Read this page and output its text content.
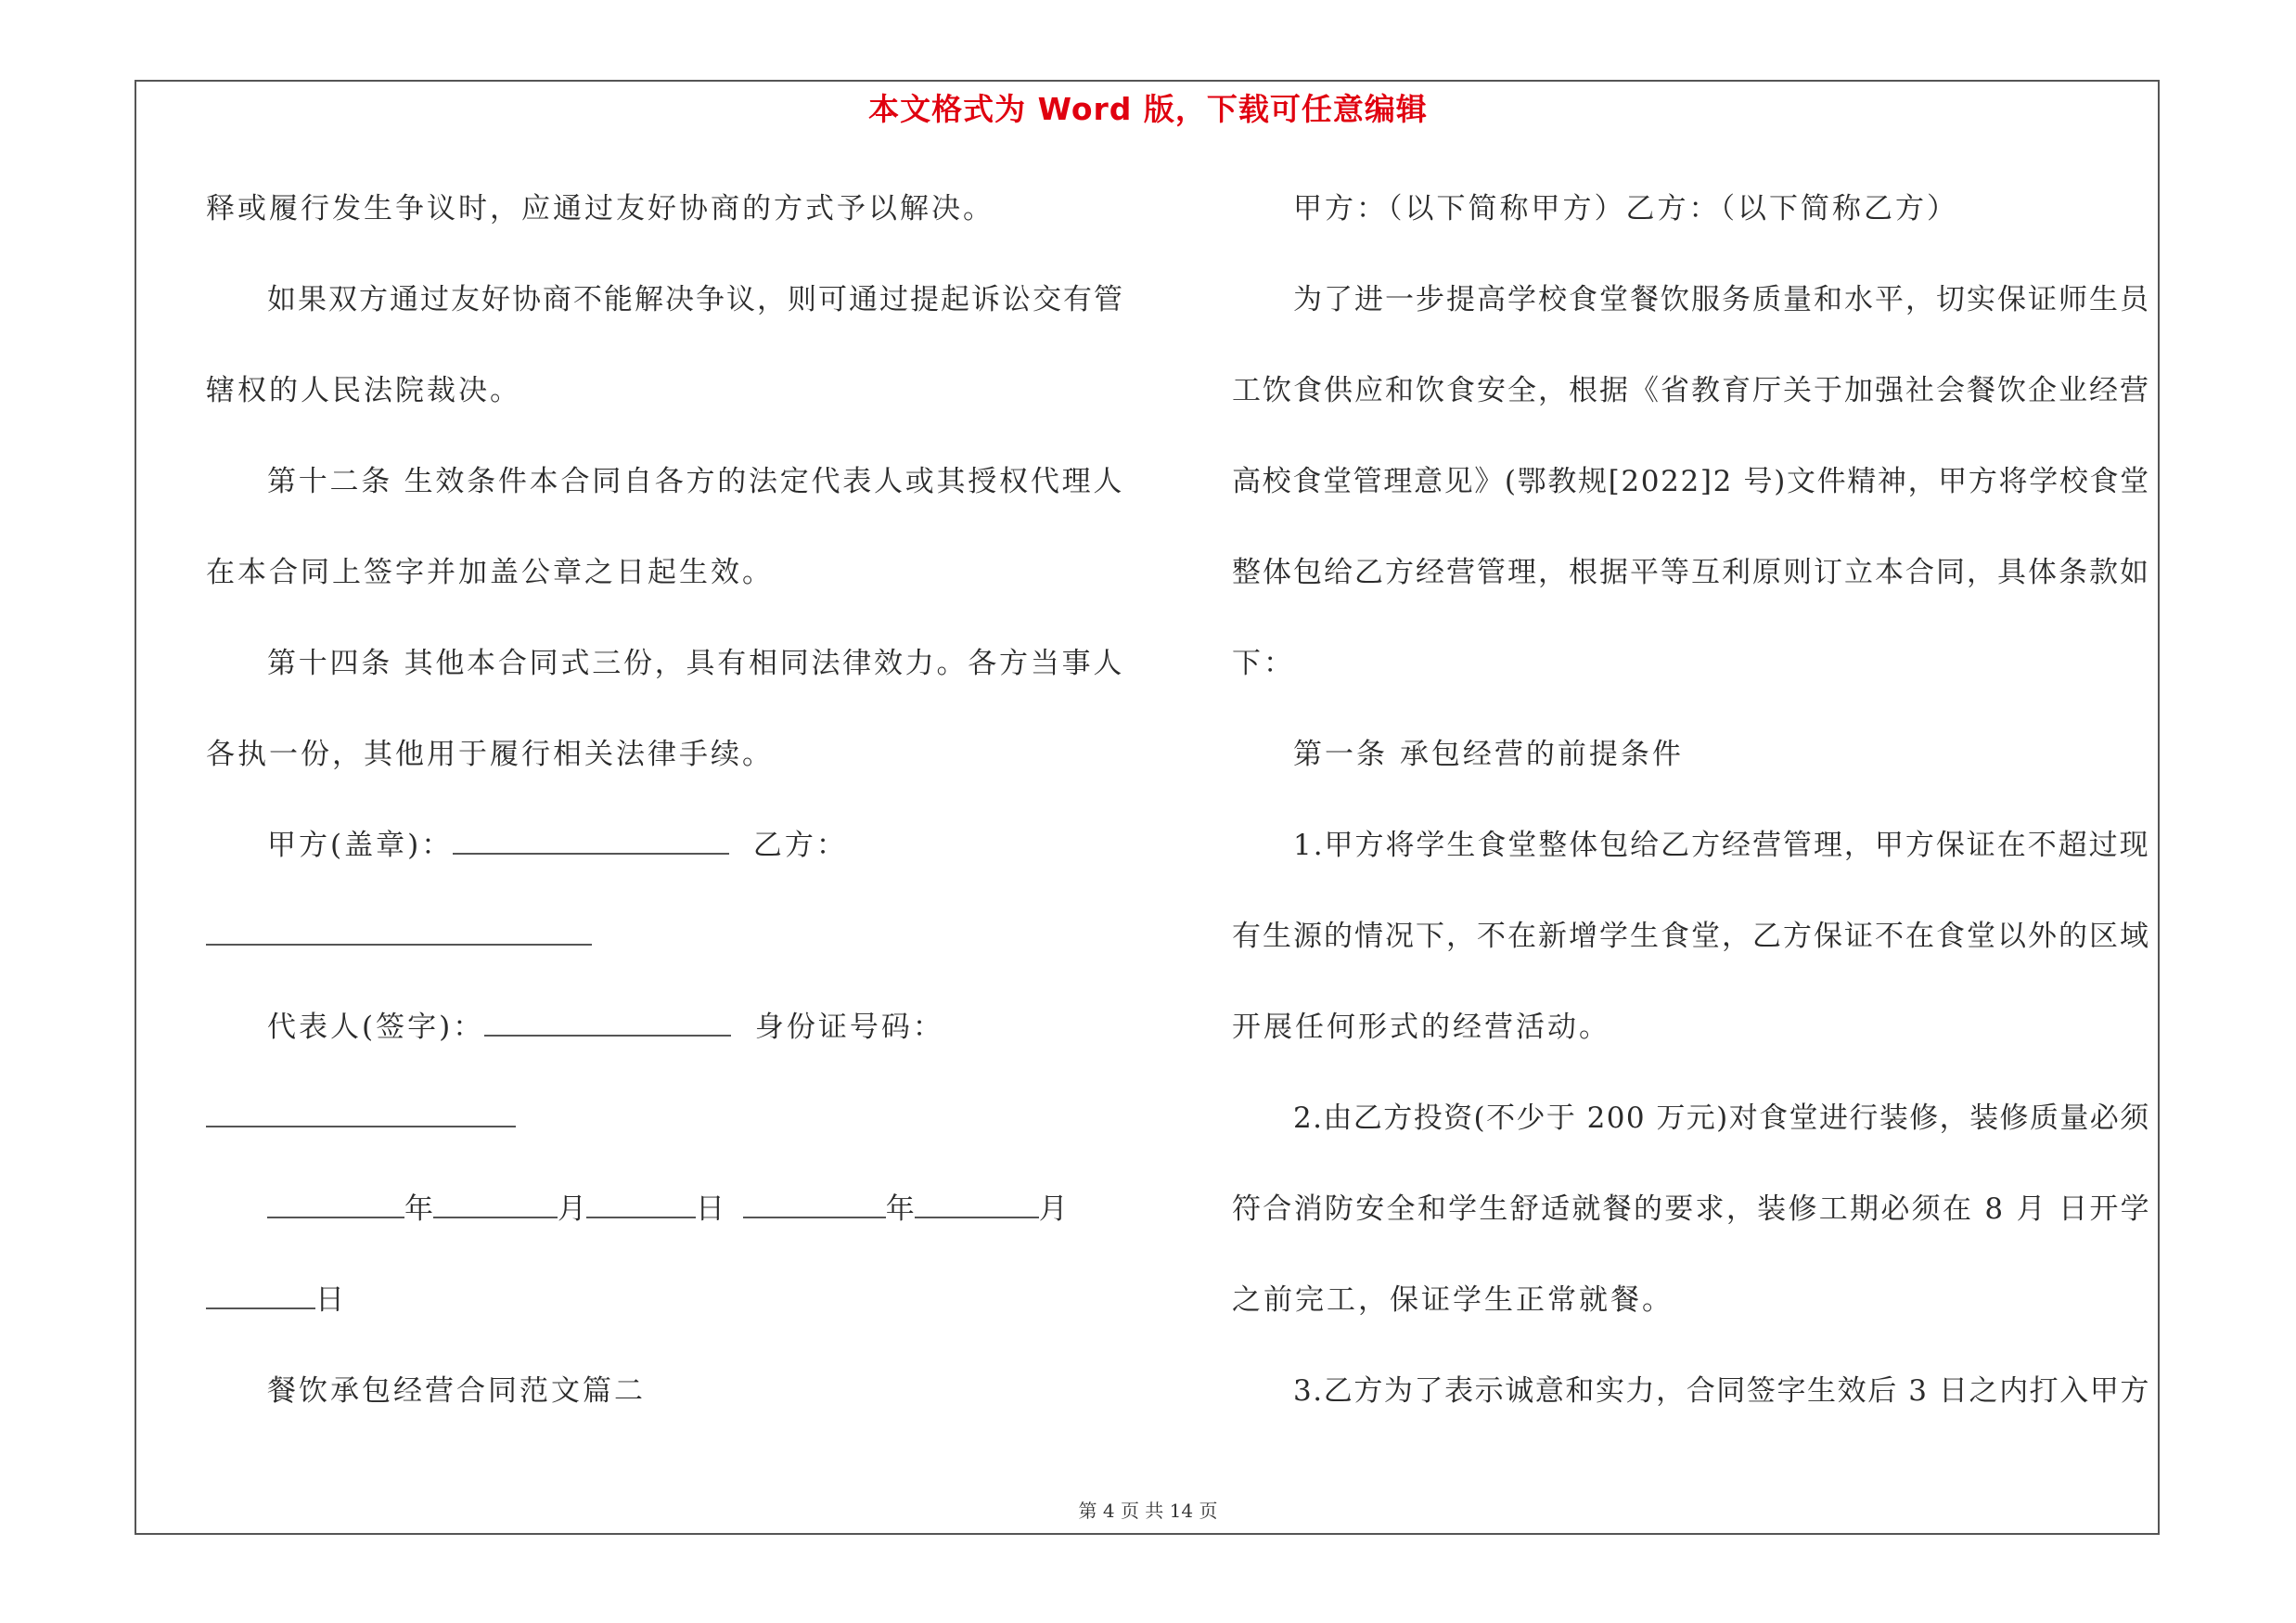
本文格式为 Word 版，下载可任意编辑
释或履行发生争议时，应通过友好协商的方式予以解决。
如果双方通过友好协商不能解决争议，则可通过提起诉讼交有管
辖权的人民法院裁决。
第十二条 生效条件本合同自各方的法定代表人或其授权代理人
在本合同上签字并加盖公章之日起生效。
第十四条 其他本合同式三份，具有相同法律效力。各方当事人
各执一份，其他用于履行相关法律手续。
甲方(盖章)：	乙方：
代表人(签字)：	身份证号码：
年	月	日	年	月
日
餐饮承包经营合同范文篇二
甲方：（以下简称甲方）乙方：（以下简称乙方）
为了进一步提高学校食堂餐饮服务质量和水平，切实保证师生员
工饮食供应和饮食安全，根据《省教育厅关于加强社会餐饮企业经营
高校食堂管理意见》(鄂教规[2022]2 号)文件精神，甲方将学校食堂
整体包给乙方经营管理，根据平等互利原则订立本合同，具体条款如
下：
第一条 承包经营的前提条件
1.甲方将学生食堂整体包给乙方经营管理，甲方保证在不超过现
有生源的情况下，不在新增学生食堂，乙方保证不在食堂以外的区域
开展任何形式的经营活动。
2.由乙方投资(不少于 200 万元)对食堂进行装修，装修质量必须
符合消防安全和学生舒适就餐的要求，装修工期必须在 8 月 日开学
之前完工，保证学生正常就餐。
3.乙方为了表示诚意和实力，合同签字生效后 3 日之内打入甲方
第 4 页 共 14 页
